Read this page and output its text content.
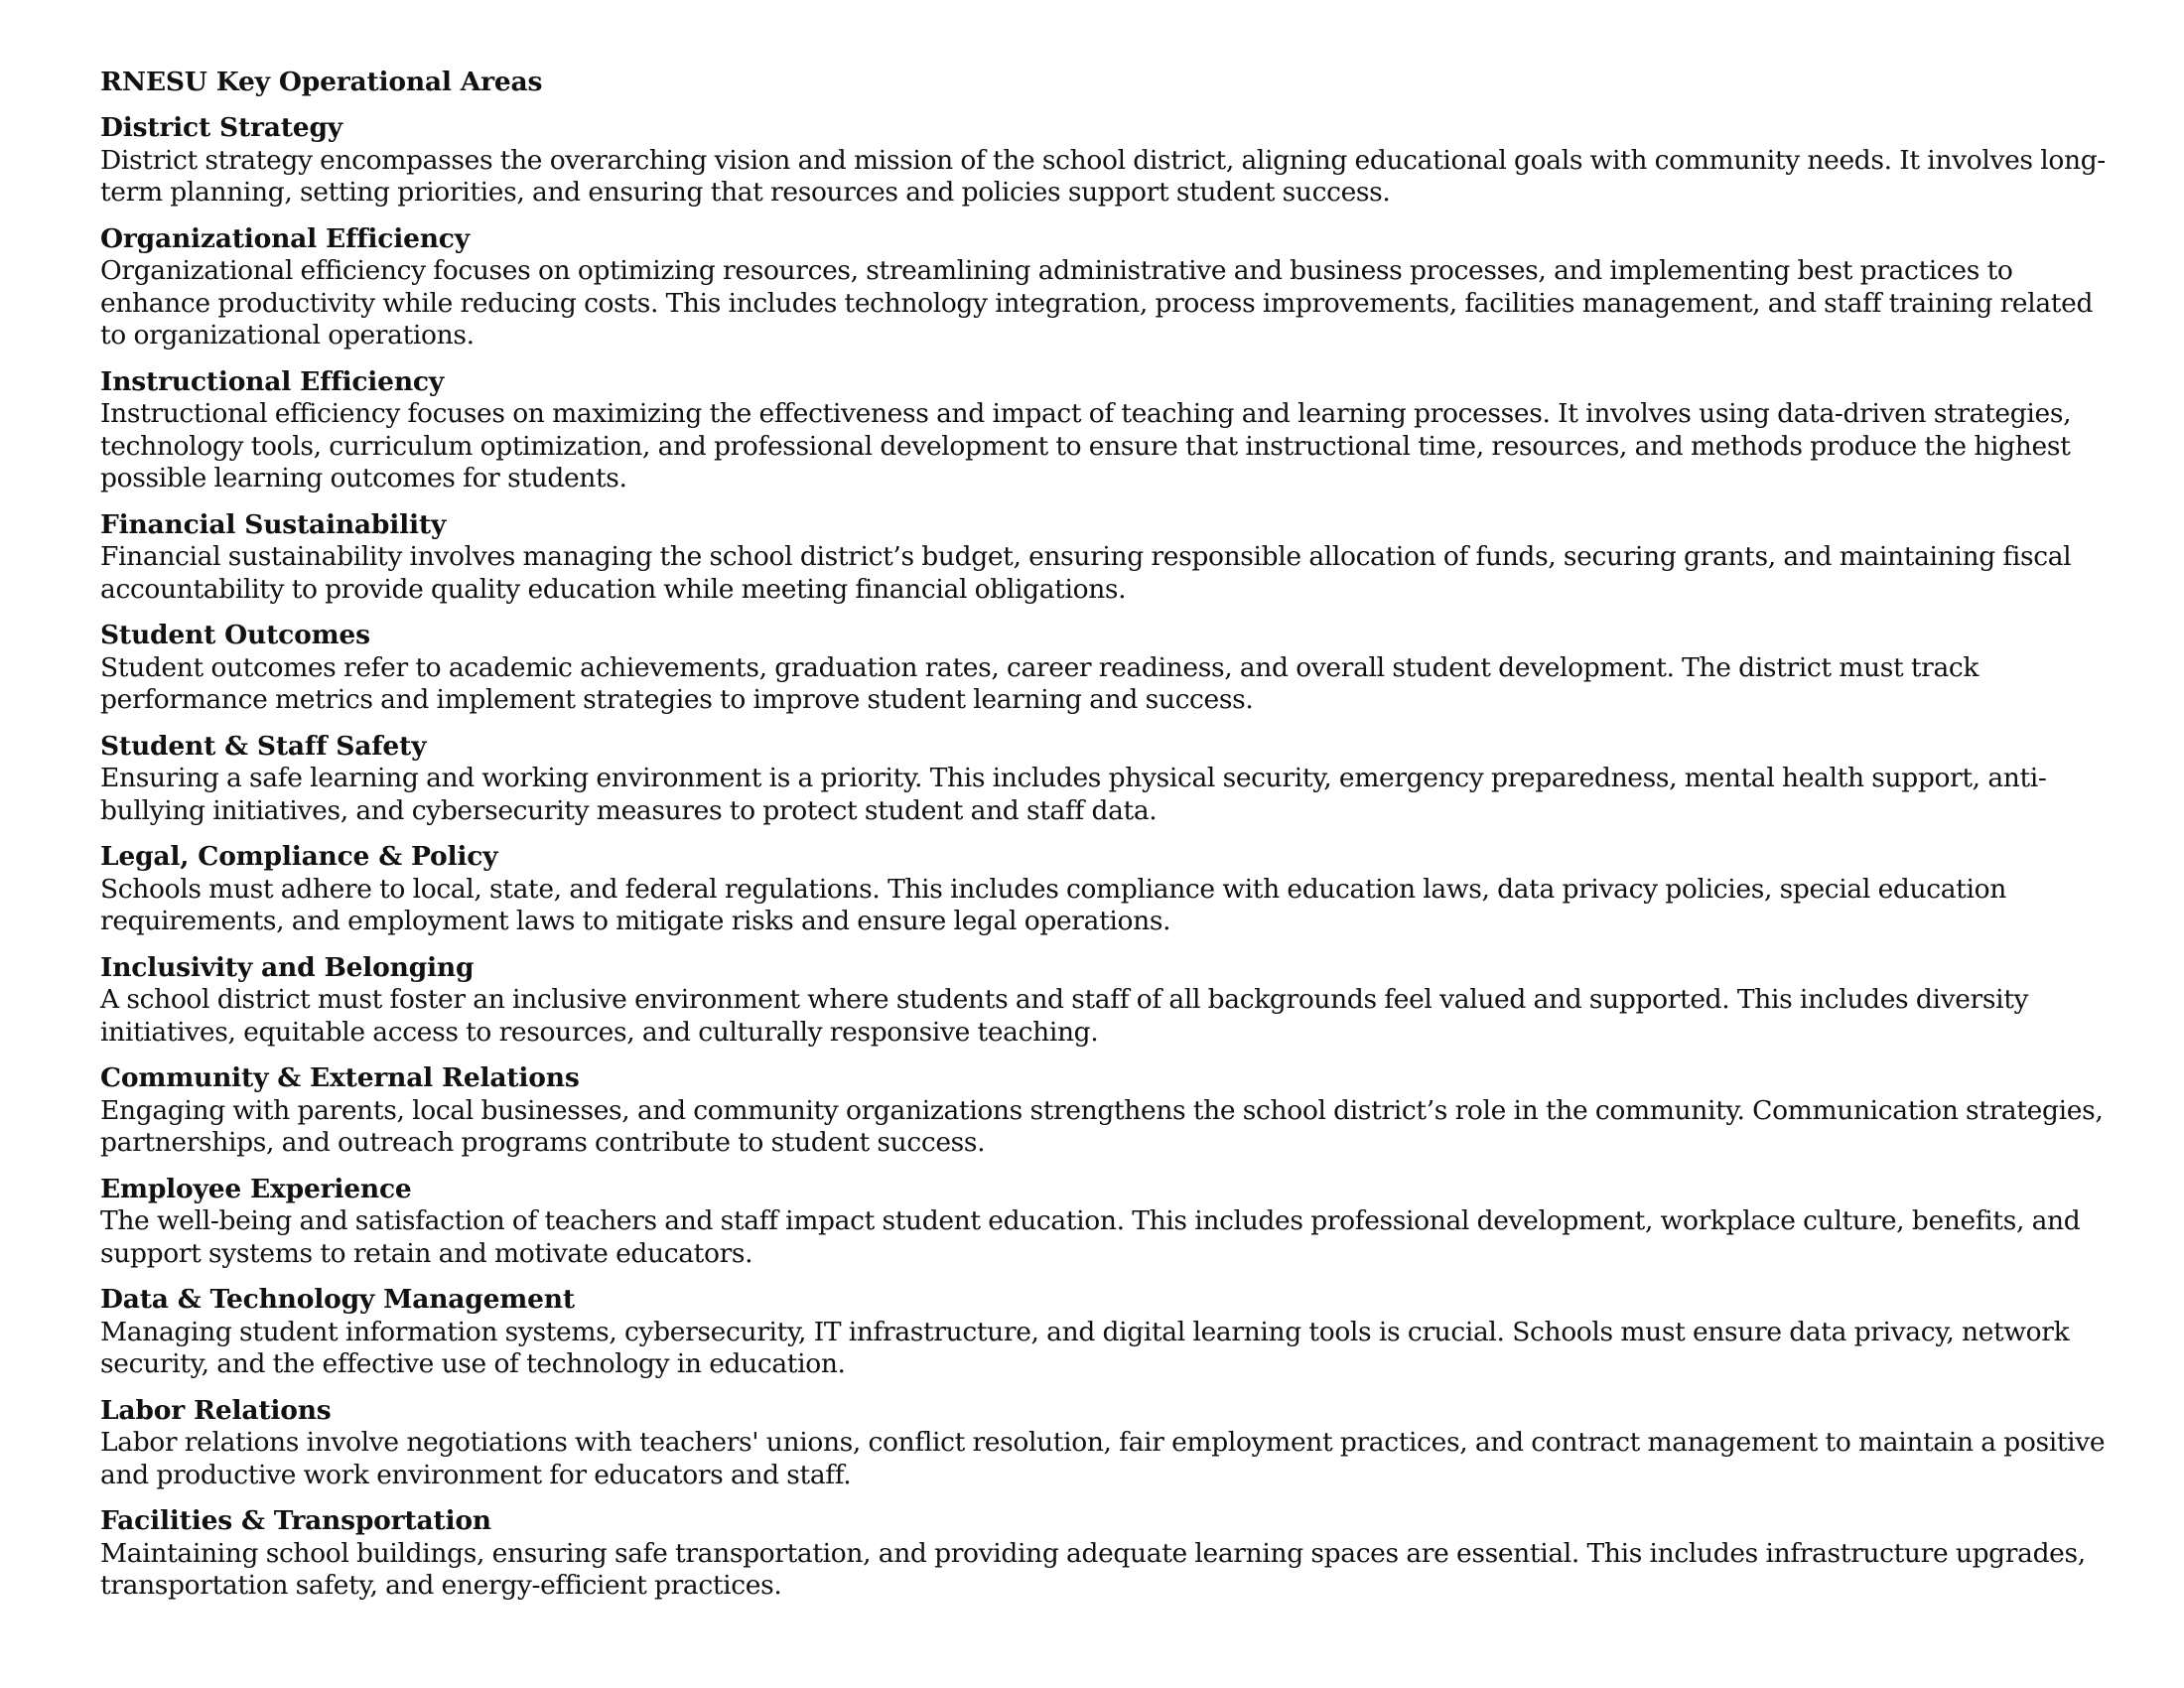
RNESU Key Operational Areas
District Strategy

District strategy encompasses the overarching vision and mission of the school district, aligning educational goals with community needs. It involves long-term planning, setting priorities, and ensuring that resources and policies support student success.

Organizational Efficiency

Organizational efficiency focuses on optimizing resources, streamlining administrative and business processes, and implementing best practices to enhance productivity while reducing costs. This includes technology integration, process improvements, facilities management, and staff training related to organizational operations.

Instructional Efficiency

Instructional efficiency focuses on maximizing the effectiveness and impact of teaching and learning processes. It involves using data-driven strategies, technology tools, curriculum optimization, and professional development to ensure that instructional time, resources, and methods produce the highest possible learning outcomes for students.

Financial Sustainability

Financial sustainability involves managing the school district’s budget, ensuring responsible allocation of funds, securing grants, and maintaining fiscal accountability to provide quality education while meeting financial obligations.

Student Outcomes

Student outcomes refer to academic achievements, graduation rates, career readiness, and overall student development. The district must track performance metrics and implement strategies to improve student learning and success.

Student & Staff Safety

Ensuring a safe learning and working environment is a priority. This includes physical security, emergency preparedness, mental health support, anti-bullying initiatives, and cybersecurity measures to protect student and staff data.

Legal, Compliance & Policy

Schools must adhere to local, state, and federal regulations. This includes compliance with education laws, data privacy policies, special education requirements, and employment laws to mitigate risks and ensure legal operations.

Inclusivity and Belonging

A school district must foster an inclusive environment where students and staff of all backgrounds feel valued and supported. This includes diversity initiatives, equitable access to resources, and culturally responsive teaching.

Community & External Relations

Engaging with parents, local businesses, and community organizations strengthens the school district’s role in the community. Communication strategies, partnerships, and outreach programs contribute to student success.

Employee Experience

The well-being and satisfaction of teachers and staff impact student education. This includes professional development, workplace culture, benefits, and support systems to retain and motivate educators.

Data & Technology Management

Managing student information systems, cybersecurity, IT infrastructure, and digital learning tools is crucial. Schools must ensure data privacy, network security, and the effective use of technology in education.

Labor Relations

Labor relations involve negotiations with teachers' unions, conflict resolution, fair employment practices, and contract management to maintain a positive and productive work environment for educators and staff.

Facilities & Transportation

Maintaining school buildings, ensuring safe transportation, and providing adequate learning spaces are essential. This includes infrastructure upgrades, transportation safety, and energy-efficient practices.
